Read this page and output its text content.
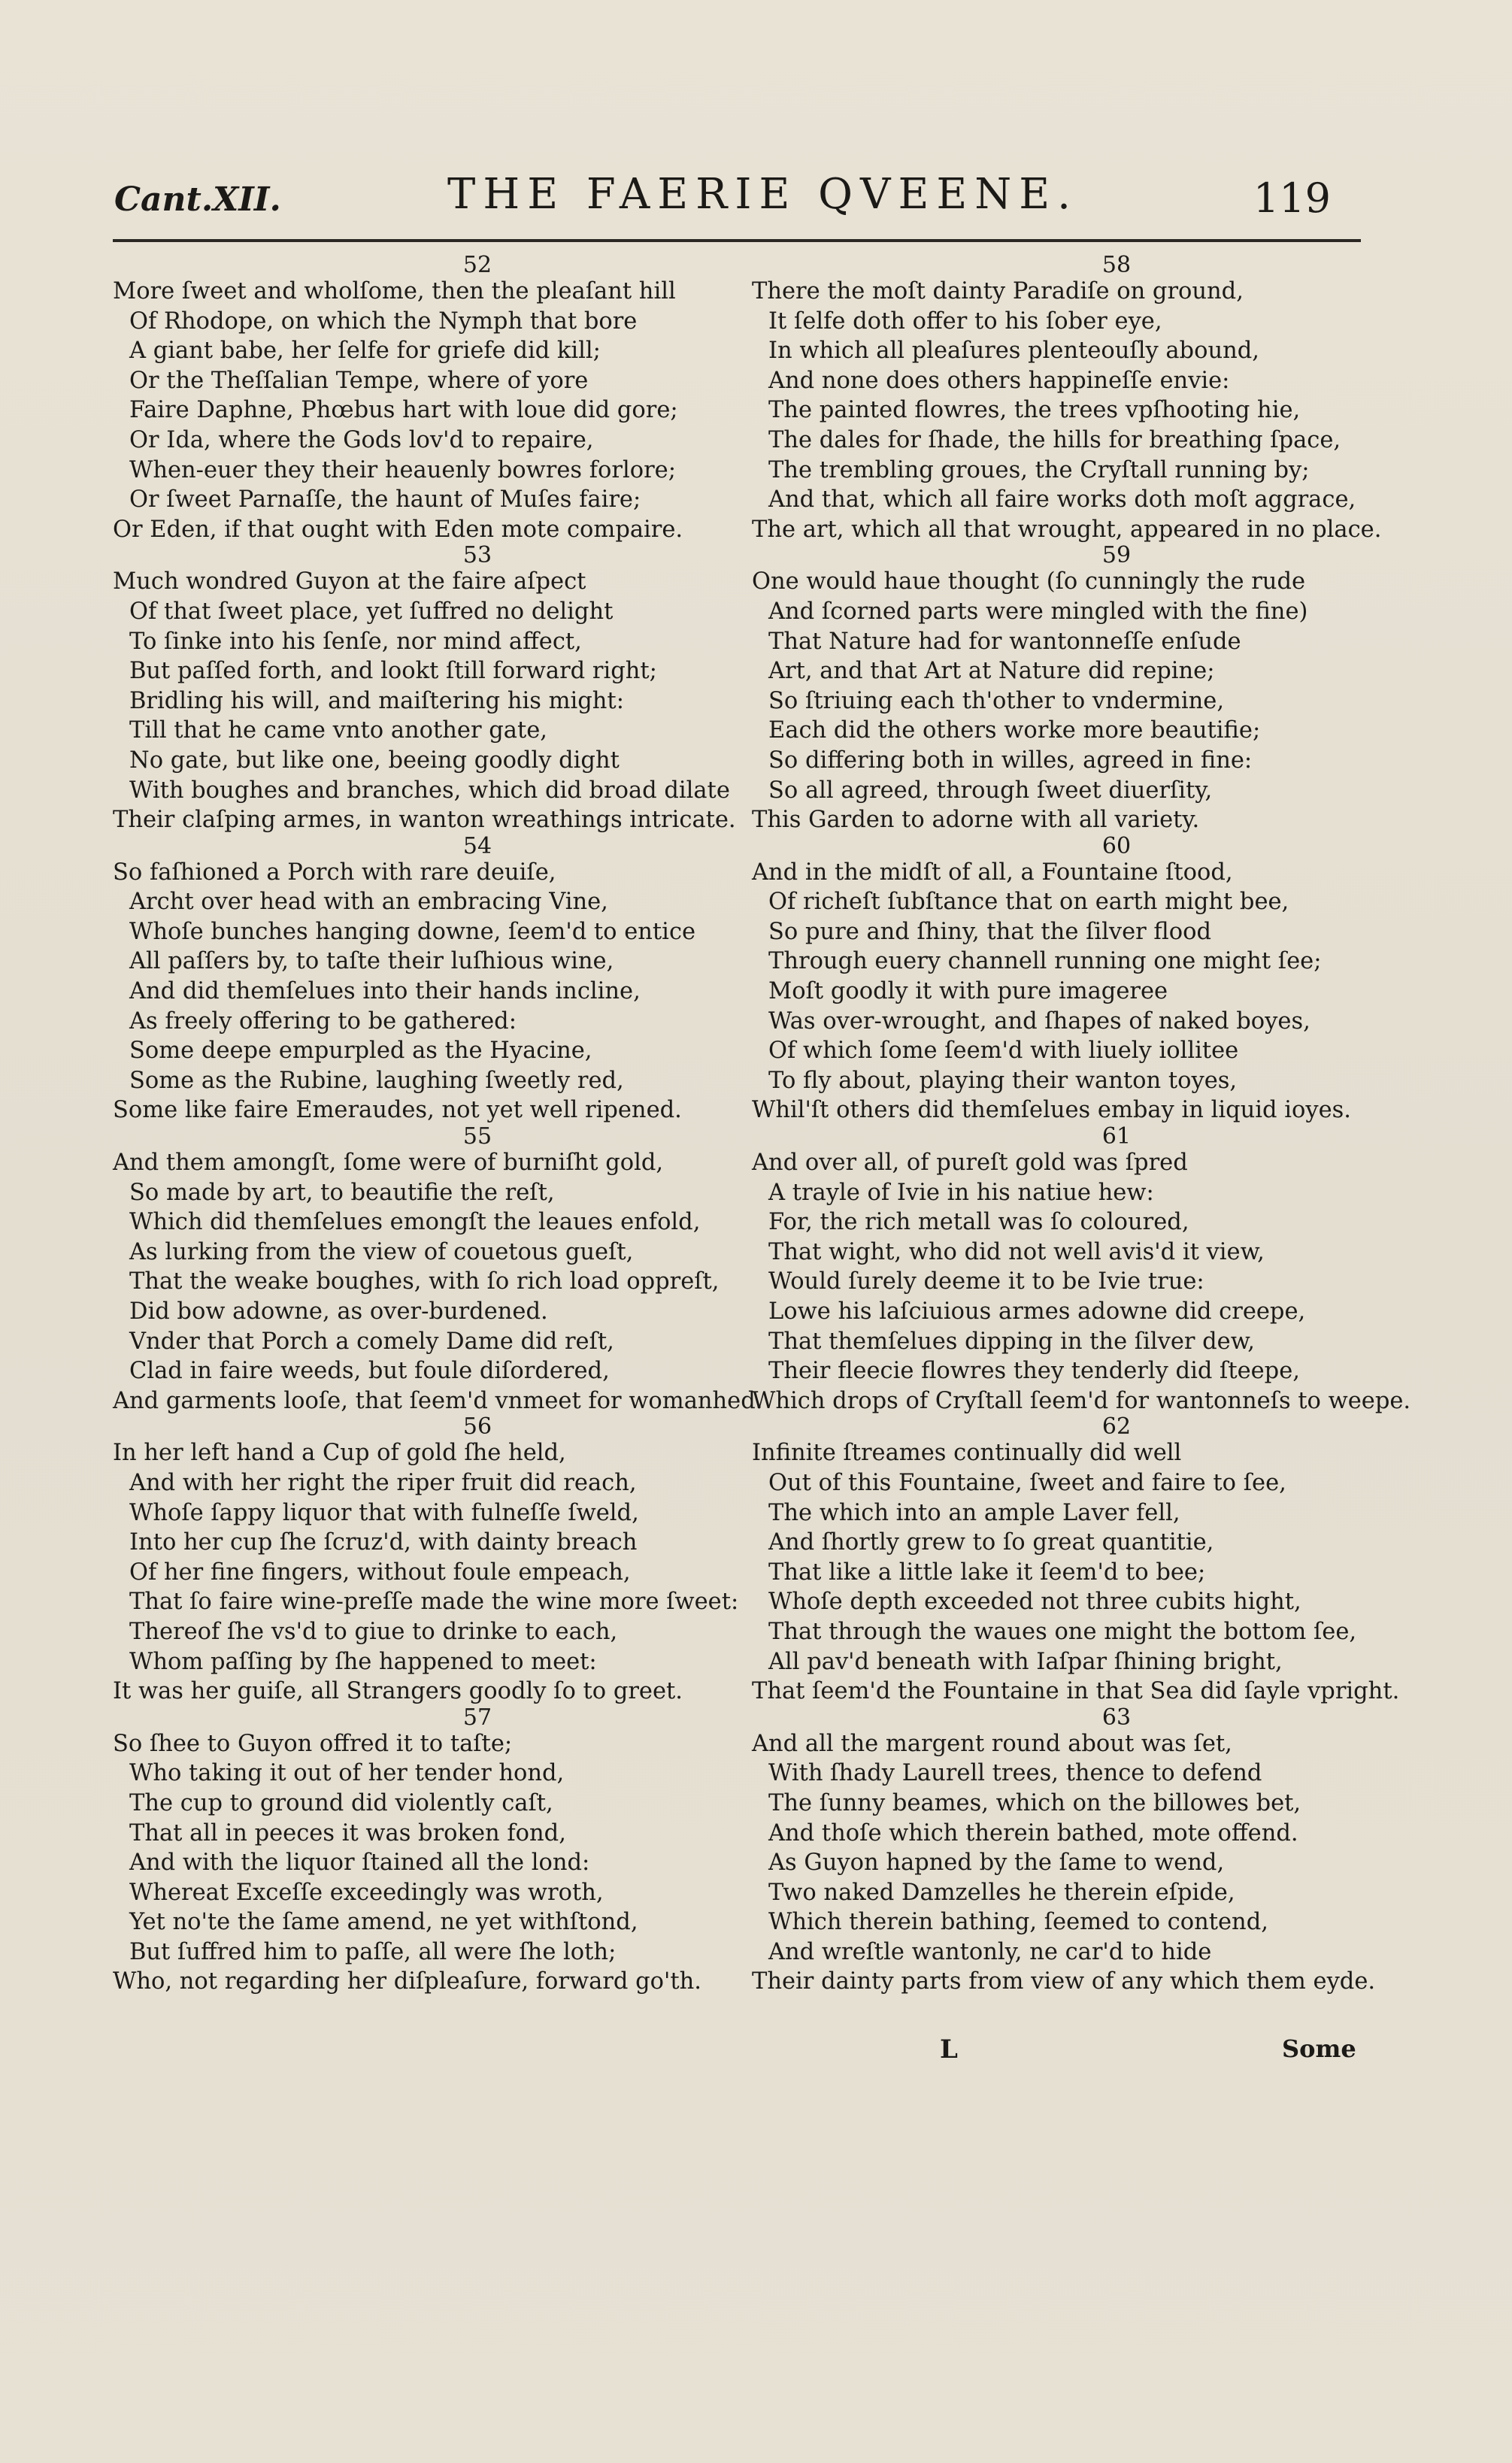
Cant.XII.	THE FAERIE QVEENE.	119
52
More ſweet and wholſome, then the pleaſant hill
Of Rhodope, on which the Nymph that bore
A giant babe, her ſelfe for griefe did kill;
Or the Theſſalian Tempe, where of yore
Faire Daphne, Phœbus hart with loue did gore;
Or Ida, where the Gods lov'd to repaire,
When-euer they their heauenly bowres forlore;
Or ſweet Parnaſſe, the haunt of Muſes faire;
Or Eden, if that ought with Eden mote compaire.
53
Much wondred Guyon at the faire aſpect
Of that ſweet place, yet ſuffred no delight
To ſinke into his ſenſe, nor mind affect,
But paſſed forth, and lookt ſtill forward right;
Bridling his will, and maiſtering his might:
Till that he came vnto another gate,
No gate, but like one, beeing goodly dight
With boughes and branches, which did broad dilate
Their claſping armes, in wanton wreathings intricate.
54
So faſhioned a Porch with rare deuiſe,
Archt over head with an embracing Vine,
Whoſe bunches hanging downe, ſeem'd to entice
All paſſers by, to taſte their luſhious wine,
And did themſelues into their hands incline,
As freely offering to be gathered:
Some deepe empurpled as the Hyacine,
Some as the Rubine, laughing ſweetly red,
Some like faire Emeraudes, not yet well ripened.
55
And them amongſt, ſome were of burniſht gold,
So made by art, to beautifie the reſt,
Which did themſelues emongſt the leaues enfold,
As lurking from the view of couetous gueſt,
That the weake boughes, with ſo rich load oppreſt,
Did bow adowne, as over-burdened.
Vnder that Porch a comely Dame did reſt,
Clad in faire weeds, but foule diſordered,
And garments looſe, that ſeem'd vnmeet for womanhed.
56
In her left hand a Cup of gold ſhe held,
And with her right the riper fruit did reach,
Whoſe ſappy liquor that with fulneſſe ſweld,
Into her cup ſhe ſcruz'd, with dainty breach
Of her fine fingers, without foule empeach,
That ſo faire wine-preſſe made the wine more ſweet:
Thereof ſhe vs'd to giue to drinke to each,
Whom paſſing by ſhe happened to meet:
It was her guiſe, all Strangers goodly ſo to greet.
57
So ſhee to Guyon offred it to taſte;
Who taking it out of her tender hond,
The cup to ground did violently caſt,
That all in peeces it was broken fond,
And with the liquor ſtained all the lond:
Whereat Exceſſe exceedingly was wroth,
Yet no'te the ſame amend, ne yet withſtond,
But ſuffred him to paſſe, all were ſhe loth;
Who, not regarding her diſpleaſure, forward go'th.
58
There the moſt dainty Paradiſe on ground,
It ſelfe doth offer to his ſober eye,
In which all pleaſures plenteouſly abound,
And none does others happineſſe envie:
The painted flowres, the trees vpſhooting hie,
The dales for ſhade, the hills for breathing ſpace,
The trembling groues, the Cryſtall running by;
And that, which all faire works doth moſt aggrace,
The art, which all that wrought, appeared in no place.
59
One would haue thought (ſo cunningly the rude
And ſcorned parts were mingled with the fine)
That Nature had for wantonneſſe enſude
Art, and that Art at Nature did repine;
So ſtriuing each th'other to vndermine,
Each did the others worke more beautifie;
So differing both in willes, agreed in fine:
So all agreed, through ſweet diuerſity,
This Garden to adorne with all variety.
60
And in the midſt of all, a Fountaine ſtood,
Of richeſt ſubſtance that on earth might bee,
So pure and ſhiny, that the ſilver flood
Through euery channell running one might ſee;
Moſt goodly it with pure imageree
Was over-wrought, and ſhapes of naked boyes,
Of which ſome ſeem'd with liuely iollitee
To fly about, playing their wanton toyes,
Whil'ſt others did themſelues embay in liquid ioyes.
61
And over all, of pureſt gold was ſpred
A trayle of Ivie in his natiue hew:
For, the rich metall was ſo coloured,
That wight, who did not well avis'd it view,
Would ſurely deeme it to be Ivie true:
Lowe his laſciuious armes adowne did creepe,
That themſelues dipping in the ſilver dew,
Their fleecie flowres they tenderly did ſteepe,
Which drops of Cryſtall ſeem'd for wantonneſs to weepe.
62
Infinite ſtreames continually did well
Out of this Fountaine, ſweet and faire to ſee,
The which into an ample Laver fell,
And ſhortly grew to ſo great quantitie,
That like a little lake it ſeem'd to bee;
Whoſe depth exceeded not three cubits hight,
That through the waues one might the bottom ſee,
All pav'd beneath with Iaſpar ſhining bright,
That ſeem'd the Fountaine in that Sea did ſayle vpright.
63
And all the margent round about was ſet,
With ſhady Laurell trees, thence to defend
The ſunny beames, which on the billowes bet,
And thoſe which therein bathed, mote offend.
As Guyon hapned by the ſame to wend,
Two naked Damzelles he therein eſpide,
Which therein bathing, ſeemed to contend,
And wreſtle wantonly, ne car'd to hide
Their dainty parts from view of any which them eyde.
L	Some
